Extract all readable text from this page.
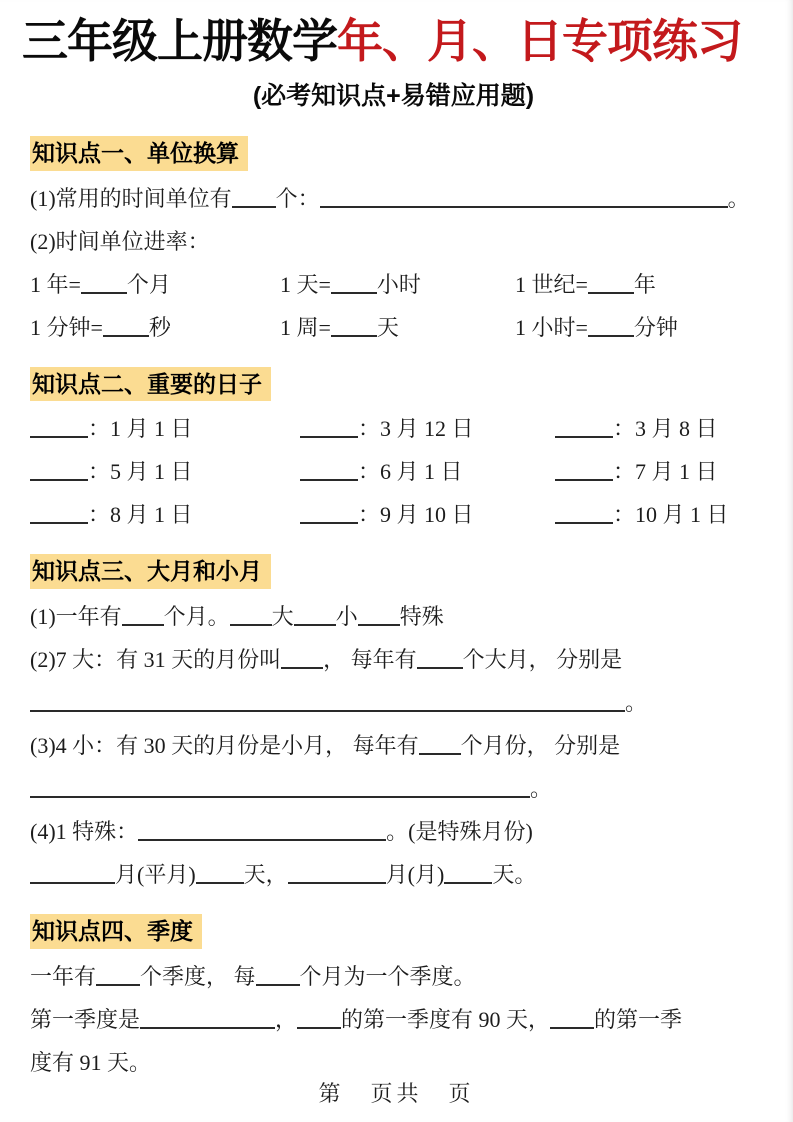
三年级上册数学年、月、日专项练习
(必考知识点+易错应用题)
知识点一、单位换算

(1)常用的时间单位有 个：	。

(2)时间单位进率：

1 年= 个月	1 天= 小时	1 世纪= 年
1 分钟= 秒	1 周= 天	1 小时= 分钟
知识点二、重要的日子
：1 月 1 日	：3 月 12 日	：3 月 8 日
：5 月 1 日	：6 月 1 日	：7 月 1 日
：8 月 1 日	：9 月 10 日	：10 月 1 日
知识点三、大月和小月

(1)一年有 个月。 大 小 特殊

(2)7 大：有 31 天的月份叫 ， 每年有 个大月， 分别是

。

(3)4 小：有 30 天的月份是小月， 每年有 个月份， 分别是

。

(4)1 特殊：	。(是特殊月份)

月(平月) 天，	月(月) 天。

知识点四、季度

一年有 个季度， 每 个月为一个季度。

第一季度是	， 的第一季度有 90 天， 的第一季

度有 91 天。

第　页共　页
